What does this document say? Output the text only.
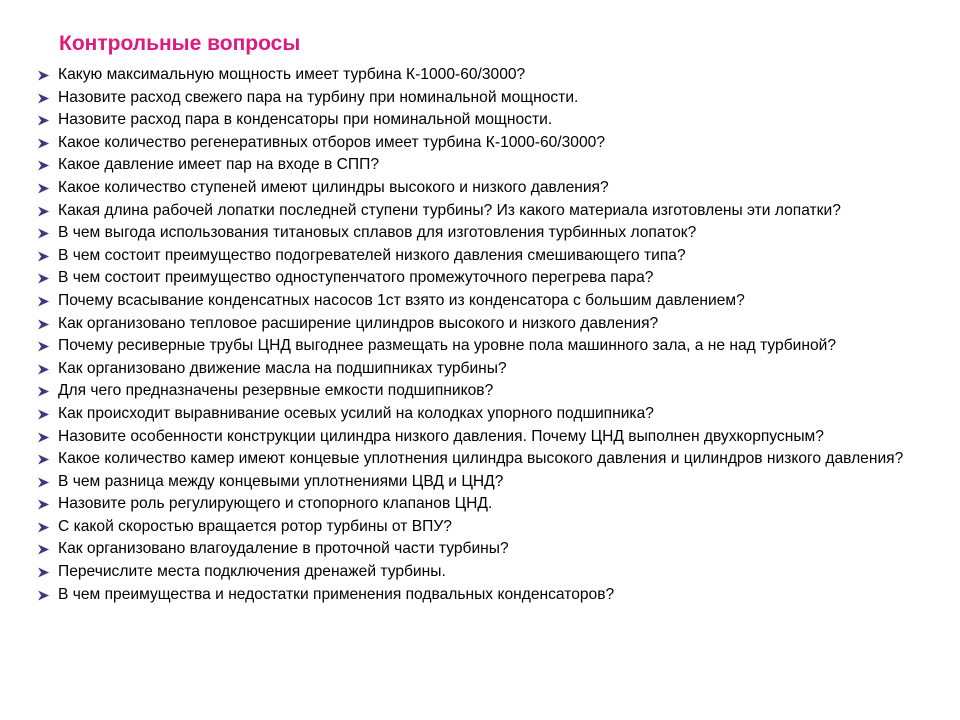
Контрольные вопросы
Какую максимальную мощность имеет турбина К-1000-60/3000?
Назовите расход свежего пара на турбину при номинальной мощности.
Назовите расход пара в конденсаторы при номинальной мощности.
Какое количество регенеративных отборов имеет турбина К-1000-60/3000?
Какое давление имеет пар на входе в СПП?
Какое количество ступеней имеют цилиндры высокого и низкого давления?
Какая длина рабочей лопатки последней ступени турбины? Из какого материала изготовлены эти лопатки?
В чем выгода использования титановых сплавов для изготовления турбинных лопаток?
В чем состоит преимущество подогревателей низкого давления смешивающего типа?
В чем состоит преимущество одноступенчатого промежуточного перегрева пара?
Почему всасывание конденсатных насосов 1ст взято из конденсатора с большим давлением?
Как организовано тепловое расширение цилиндров высокого и низкого давления?
Почему ресиверные трубы ЦНД выгоднее размещать на уровне пола машинного зала, а не над турбиной?
Как организовано движение масла на подшипниках турбины?
Для чего предназначены резервные емкости подшипников?
Как происходит выравнивание осевых усилий на колодках упорного подшипника?
Назовите особенности конструкции цилиндра низкого давления. Почему ЦНД выполнен двухкорпусным?
Какое количество камер имеют концевые уплотнения цилиндра высокого давления и цилиндров низкого давления?
В чем разница между концевыми уплотнениями ЦВД и ЦНД?
Назовите роль регулирующего и стопорного клапанов ЦНД.
С какой скоростью вращается ротор турбины от ВПУ?
Как организовано влагоудаление в проточной части турбины?
Перечислите места подключения дренажей турбины.
В чем преимущества и недостатки применения подвальных конденсаторов?
